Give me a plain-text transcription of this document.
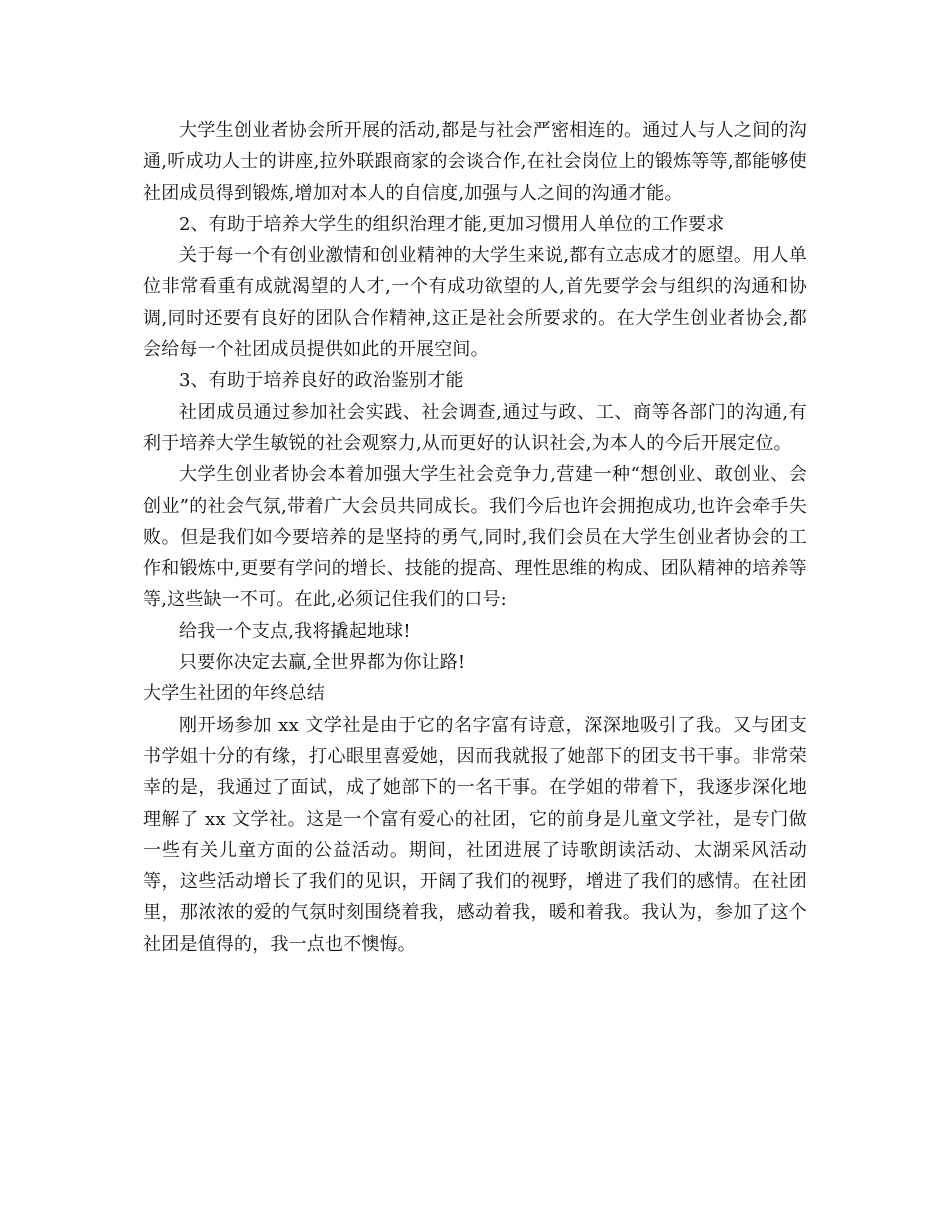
大学生创业者协会所开展的活动,都是与社会严密相连的。通过人与人之间的沟通,听成功人士的讲座,拉外联跟商家的会谈合作,在社会岗位上的锻炼等等,都能够使社团成员得到锻炼,增加对本人的自信度,加强与人之间的沟通才能。

2、有助于培养大学生的组织治理才能,更加习惯用人单位的工作要求

关于每一个有创业激情和创业精神的大学生来说,都有立志成才的愿望。用人单位非常看重有成就渴望的人才,一个有成功欲望的人,首先要学会与组织的沟通和协调,同时还要有良好的团队合作精神,这正是社会所要求的。在大学生创业者协会,都会给每一个社团成员提供如此的开展空间。

3、有助于培养良好的政治鉴别才能

社团成员通过参加社会实践、社会调查,通过与政、工、商等各部门的沟通,有利于培养大学生敏锐的社会观察力,从而更好的认识社会,为本人的今后开展定位。

大学生创业者协会本着加强大学生社会竞争力,营建一种“想创业、敢创业、会创业”的社会气氛,带着广大会员共同成长。我们今后也许会拥抱成功,也许会牵手失败。但是我们如今要培养的是坚持的勇气,同时,我们会员在大学生创业者协会的工作和锻炼中,更要有学问的增长、技能的提高、理性思维的构成、团队精神的培养等等,这些缺一不可。在此,必须记住我们的口号:

给我一个支点,我将撬起地球!

只要你决定去赢,全世界都为你让路!

大学生社团的年终总结

刚开场参加 xx 文学社是由于它的名字富有诗意，深深地吸引了我。又与团支书学姐十分的有缘，打心眼里喜爱她，因而我就报了她部下的团支书干事。非常荣幸的是，我通过了面试，成了她部下的一名干事。在学姐的带着下，我逐步深化地理解了 xx 文学社。这是一个富有爱心的社团，它的前身是儿童文学社，是专门做一些有关儿童方面的公益活动。期间，社团进展了诗歌朗读活动、太湖采风活动等，这些活动增长了我们的见识，开阔了我们的视野，增进了我们的感情。在社团里，那浓浓的爱的气氛时刻围绕着我，感动着我，暖和着我。我认为，参加了这个社团是值得的，我一点也不懊悔。
